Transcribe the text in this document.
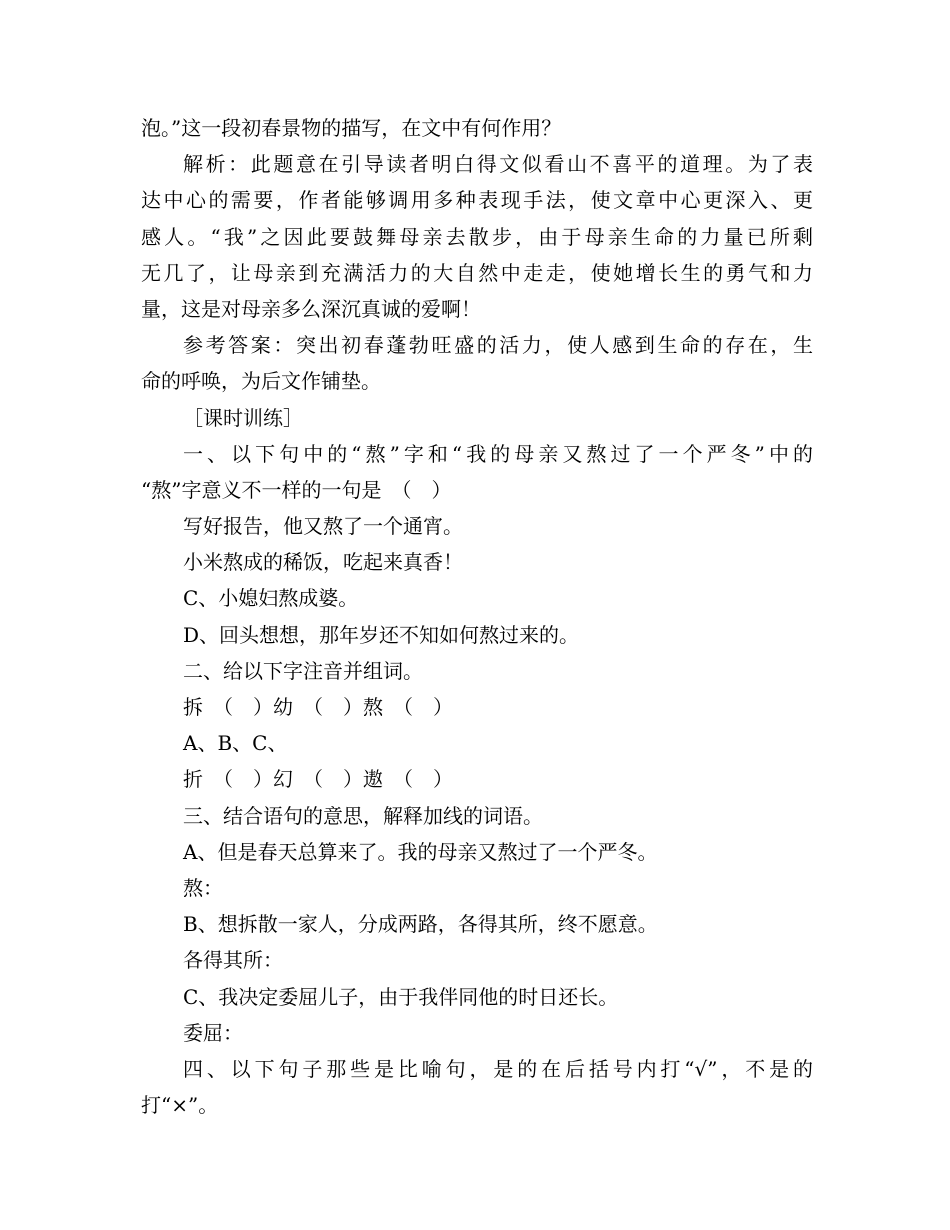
泡。”这一段初春景物的描写，在文中有何作用？
解析：此题意在引导读者明白得文似看山不喜平的道理。为了表
达中心的需要，作者能够调用多种表现手法，使文章中心更深入、更
感人。“我”之因此要鼓舞母亲去散步，由于母亲生命的力量已所剩
无几了，让母亲到充满活力的大自然中走走，使她增长生的勇气和力
量，这是对母亲多么深沉真诚的爱啊！
参考答案：突出初春蓬勃旺盛的活力，使人感到生命的存在，生
命的呼唤，为后文作铺垫。
［课时训练］
一、以下句中的“熬”字和“我的母亲又熬过了一个严冬”中的
“熬”字意义不一样的一句是　（　）
写好报告，他又熬了一个通宵。
小米熬成的稀饭，吃起来真香！
C、小媳妇熬成婆。
D、回头想想，那年岁还不知如何熬过来的。
二、给以下字注音并组词。
拆　（　）幼　（　）熬　（　）
A、B、C、
折　（　）幻　（　）遨　（　）
三、结合语句的意思，解释加线的词语。
A、但是春天总算来了。我的母亲又熬过了一个严冬。
熬：
B、想拆散一家人，分成两路，各得其所，终不愿意。
各得其所：
C、我决定委屈儿子，由于我伴同他的时日还长。
委屈：
四、以下句子那些是比喻句，是的在后括号内打“√”，不是的
打“×”。
